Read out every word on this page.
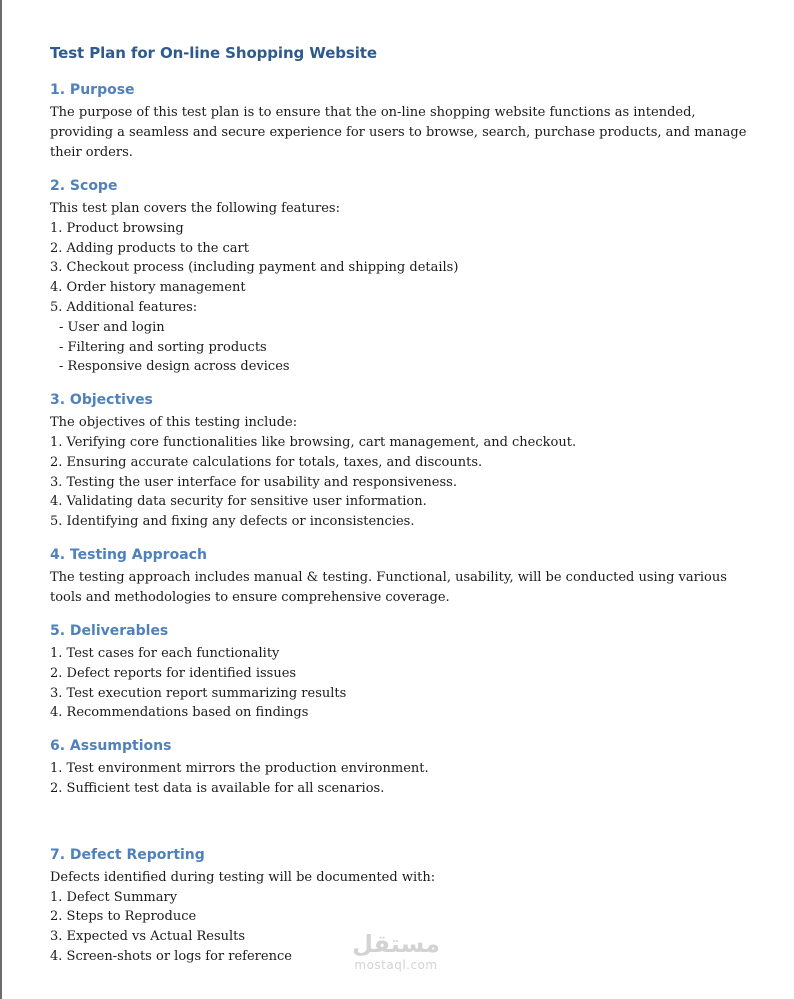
Test Plan for On-line Shopping Website
1. Purpose

The purpose of this test plan is to ensure that the on-line shopping website functions as intended, providing a seamless and secure experience for users to browse, search, purchase products, and manage their orders.

2. Scope

This test plan covers the following features:

1. Product browsing

2. Adding products to the cart

3. Checkout process (including payment and shipping details)

4. Order history management

5. Additional features:

- User and login

- Filtering and sorting products

- Responsive design across devices

3. Objectives

The objectives of this testing include:

1. Verifying core functionalities like browsing, cart management, and checkout.

2. Ensuring accurate calculations for totals, taxes, and discounts.

3. Testing the user interface for usability and responsiveness.

4. Validating data security for sensitive user information.

5. Identifying and fixing any defects or inconsistencies.

4. Testing Approach

The testing approach includes manual & testing. Functional, usability, will be conducted using various tools and methodologies to ensure comprehensive coverage.

5. Deliverables

1. Test cases for each functionality

2. Defect reports for identified issues

3. Test execution report summarizing results

4. Recommendations based on findings

6. Assumptions

1. Test environment mirrors the production environment.

2. Sufficient test data is available for all scenarios.

7. Defect Reporting

Defects identified during testing will be documented with:

1. Defect Summary

2. Steps to Reproduce

3. Expected vs Actual Results

4. Screen-shots or logs for reference	مستقل
mostaql.com
